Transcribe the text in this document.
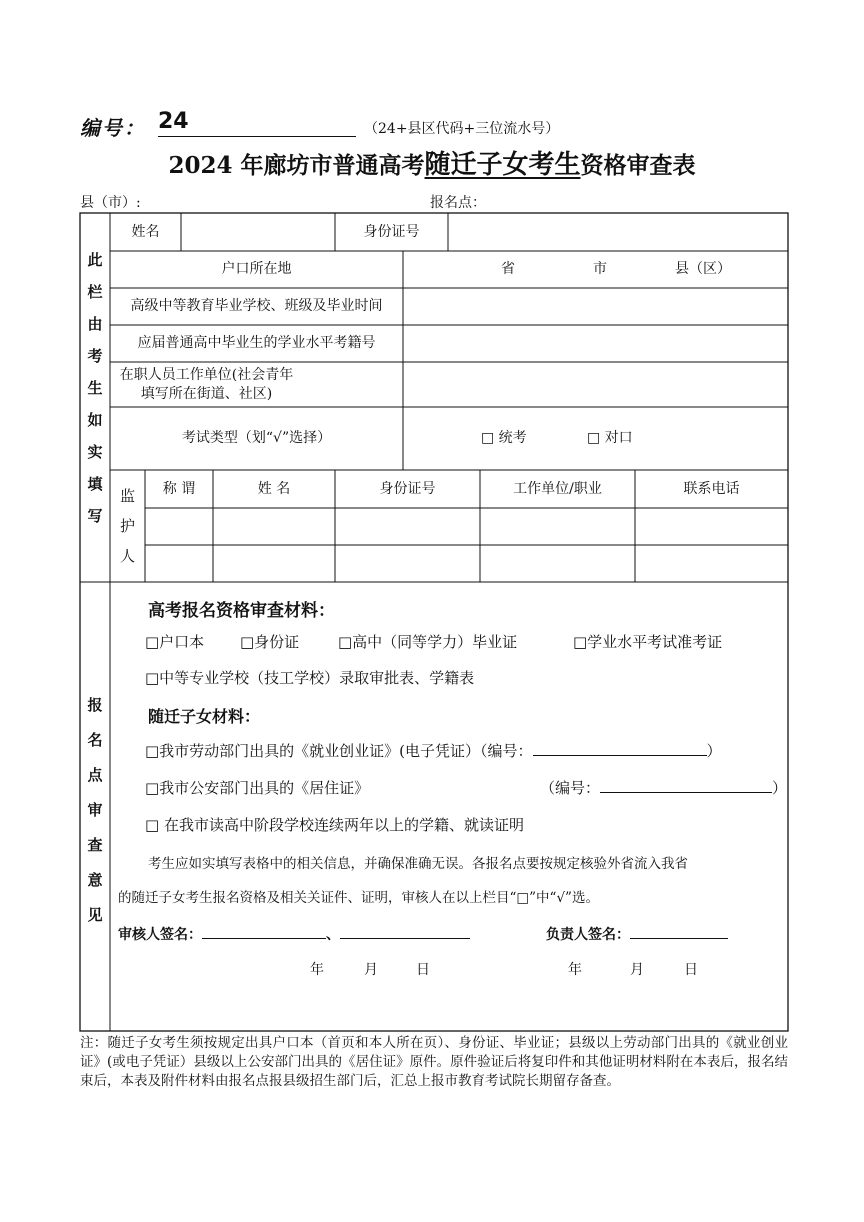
编号： 24	（24+县区代码+三位流水号）
2024 年廊坊市普通高考随迁子女考生资格审查表
县（市）:	报名点：
此
栏
由
考
生
如
实
填
写
姓名	身份证号
户口所在地	省	市	县（区）
高级中等教育毕业学校、班级及毕业时间
应届普通高中毕业生的学业水平考籍号
在职人员工作单位(社会青年填写所在街道、社区)
考试类型（划“√”选择）	□ 统考	□ 对口
监
护
人
称 谓	姓 名	身份证号	工作单位/职业	联系电话
报
名
点
审
查
意
见
高考报名资格审查材料：
□户口本 □身份证	□高中（同等学力）毕业证	□学业水平考试准考证
□中等专业学校（技工学校）录取审批表、学籍表
随迁子女材料：
□我市劳动部门出具的《就业创业证》(电子凭证）（编号：	）
□我市公安部门出具的《居住证》	（编号：	）
□ 在我市读高中阶段学校连续两年以上的学籍、就读证明
考生应如实填写表格中的相关信息，并确保准确无误。各报名点要按规定核验外省流入我省
的随迁子女考生报名资格及相关关证件、证明，审核人在以上栏目“□”中“√”选。
审核人签名：	、	负责人签名：
年	月	日	年	月	日
注：随迁子女考生须按规定出具户口本（首页和本人所在页）、身份证、毕业证；县级以上劳动部门出具的《就业创业证》(或电子凭证）县级以上公安部门出具的《居住证》原件。原件验证后将复印件和其他证明材料附在本表后，报名结束后，本表及附件材料由报名点报县级招生部门后，汇总上报市教育考试院长期留存备查。
